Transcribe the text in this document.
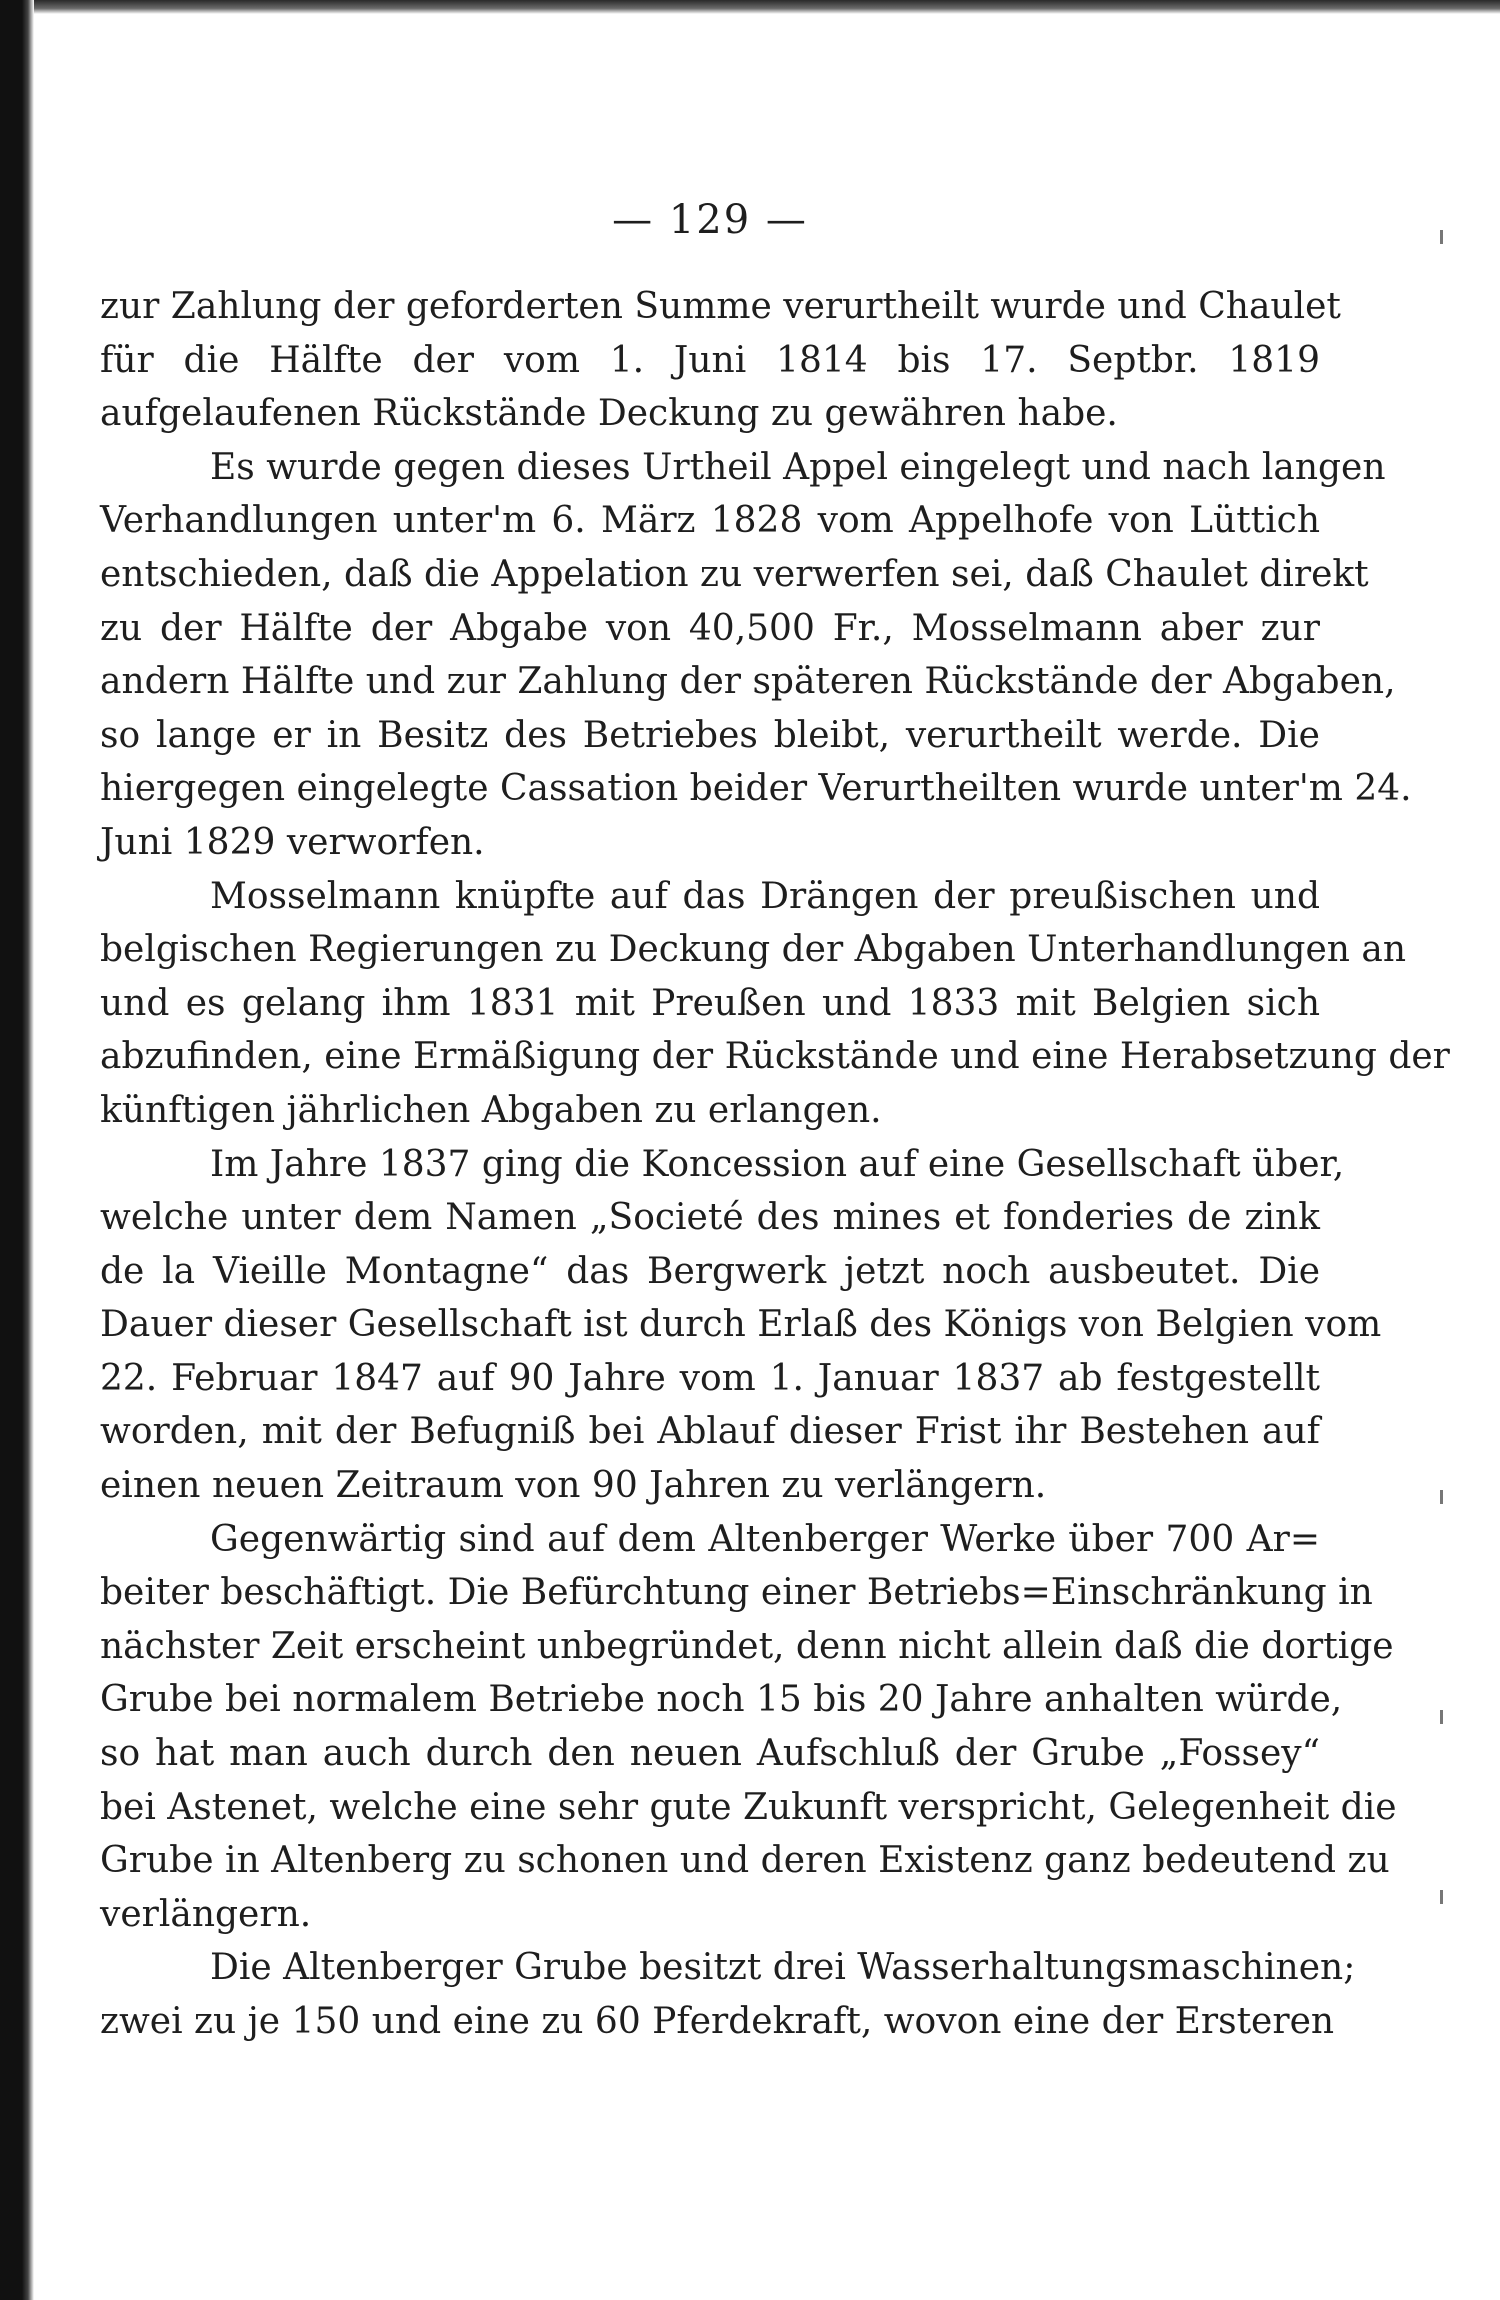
— 129 —

zur Zahlung der geforderten Summe verurtheilt wurde und Chaulet
für die Hälfte der vom 1. Juni 1814 bis 17. Septbr. 1819
aufgelaufenen Rückstände Deckung zu gewähren habe.

Es wurde gegen dieses Urtheil Appel eingelegt und nach langen
Verhandlungen unter'm 6. März 1828 vom Appelhofe von Lüttich
entschieden, daß die Appelation zu verwerfen sei, daß Chaulet direkt
zu der Hälfte der Abgabe von 40,500 Fr., Mosselmann aber zur
andern Hälfte und zur Zahlung der späteren Rückstände der Abgaben,
so lange er in Besitz des Betriebes bleibt, verurtheilt werde. Die
hiergegen eingelegte Cassation beider Verurtheilten wurde unter'm 24.
Juni 1829 verworfen.

Mosselmann knüpfte auf das Drängen der preußischen und
belgischen Regierungen zu Deckung der Abgaben Unterhandlungen an
und es gelang ihm 1831 mit Preußen und 1833 mit Belgien sich
abzufinden, eine Ermäßigung der Rückstände und eine Herabsetzung der
künftigen jährlichen Abgaben zu erlangen.

Im Jahre 1837 ging die Koncession auf eine Gesellschaft über,
welche unter dem Namen „Societé des mines et fonderies de zink
de la Vieille Montagne“ das Bergwerk jetzt noch ausbeutet. Die
Dauer dieser Gesellschaft ist durch Erlaß des Königs von Belgien vom
22. Februar 1847 auf 90 Jahre vom 1. Januar 1837 ab festgestellt
worden, mit der Befugniß bei Ablauf dieser Frist ihr Bestehen auf
einen neuen Zeitraum von 90 Jahren zu verlängern.

Gegenwärtig sind auf dem Altenberger Werke über 700 Ar=
beiter beschäftigt. Die Befürchtung einer Betriebs=Einschränkung in
nächster Zeit erscheint unbegründet, denn nicht allein daß die dortige
Grube bei normalem Betriebe noch 15 bis 20 Jahre anhalten würde,
so hat man auch durch den neuen Aufschluß der Grube „Fossey“
bei Astenet, welche eine sehr gute Zukunft verspricht, Gelegenheit die
Grube in Altenberg zu schonen und deren Existenz ganz bedeutend zu
verlängern.

Die Altenberger Grube besitzt drei Wasserhaltungsmaschinen;
zwei zu je 150 und eine zu 60 Pferdekraft, wovon eine der Ersteren
